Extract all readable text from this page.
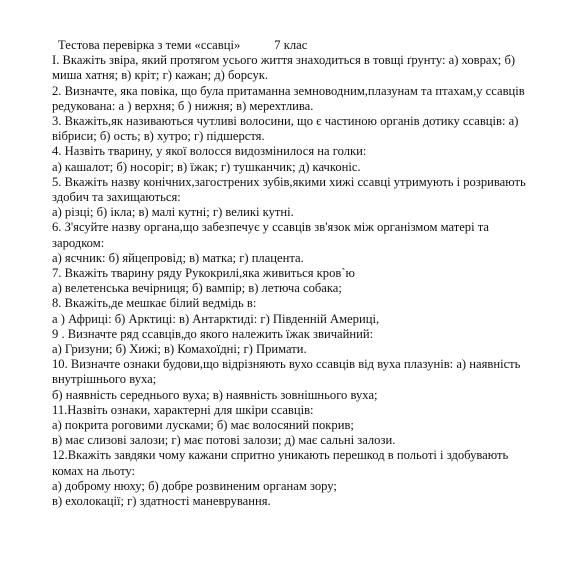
Тестова перевірка з теми «ссавці»	7 клас
І. Вкажіть звіра, який протягом усього життя знаходиться в товщі ґрунту: а) ховрах; б)
миша хатня; в) кріт; г) кажан; д) борсук.
2. Визначте, яка повіка, що була притаманна земноводним,плазунам та птахам,у ссавців
редукована: а ) верхня; б ) нижня; в) мерехтлива.
3. Вкажіть,як називаються чутливі волосини, що є частиною органів дотику ссавців: а)
вібриси; б) ость; в) хутро; г) підшерстя.
4. Назвіть тварину, у якої волосся видозмінилося на голки:
а) кашалот; б) носоріг; в) їжак; г) тушканчик; д) качконіс.
5. Вкажіть назву конічних,загострених зубів,якими хижі ссавці утримують і розривають
здобич та захищаються:
а) різці; б) ікла; в) малі кутні; г) великі кутні.
6. З'ясуйте назву органа,що забезпечує у ссавців зв'язок між організмом матері та
зародком:
а) ясчник: б) яйцепровід; в) матка; г) плацента.
7. Вкажіть тварину ряду Рукокрилі,яка живиться кров`ю
а) велетенська вечірниця; б) вампір; в) летюча собака;
8. Вкажіть,де мешкає білий ведмідь в:
а ) Африці: б) Арктиці: в) Антарктиді: г) Південній Америці,
9 . Визначте ряд ссавців,до якого належить їжак звичайний:
а) Гризуни; б) Хижі; в) Комахоїдні; г) Примати.
10. Визначте ознаки будови,що відрізняють вухо ссавців від вуха плазунів: а) наявність
внутрішнього вуха;
б) наявність середнього вуха; в) наявність зовнішнього вуха;
11.Назвіть ознаки, характерні для шкіри ссавців:
а) покрита роговими лусками; б) має волосяний покрив;
в) має слизові залози; г) має потові залози; д) має сальні залози.
12.Вкажіть завдяки чому кажани спритно уникають перешкод в польоті і здобувають
комах на льоту:
а) доброму нюху; б) добре розвиненим органам зору;
в) ехолокації; г) здатності маневрування.
